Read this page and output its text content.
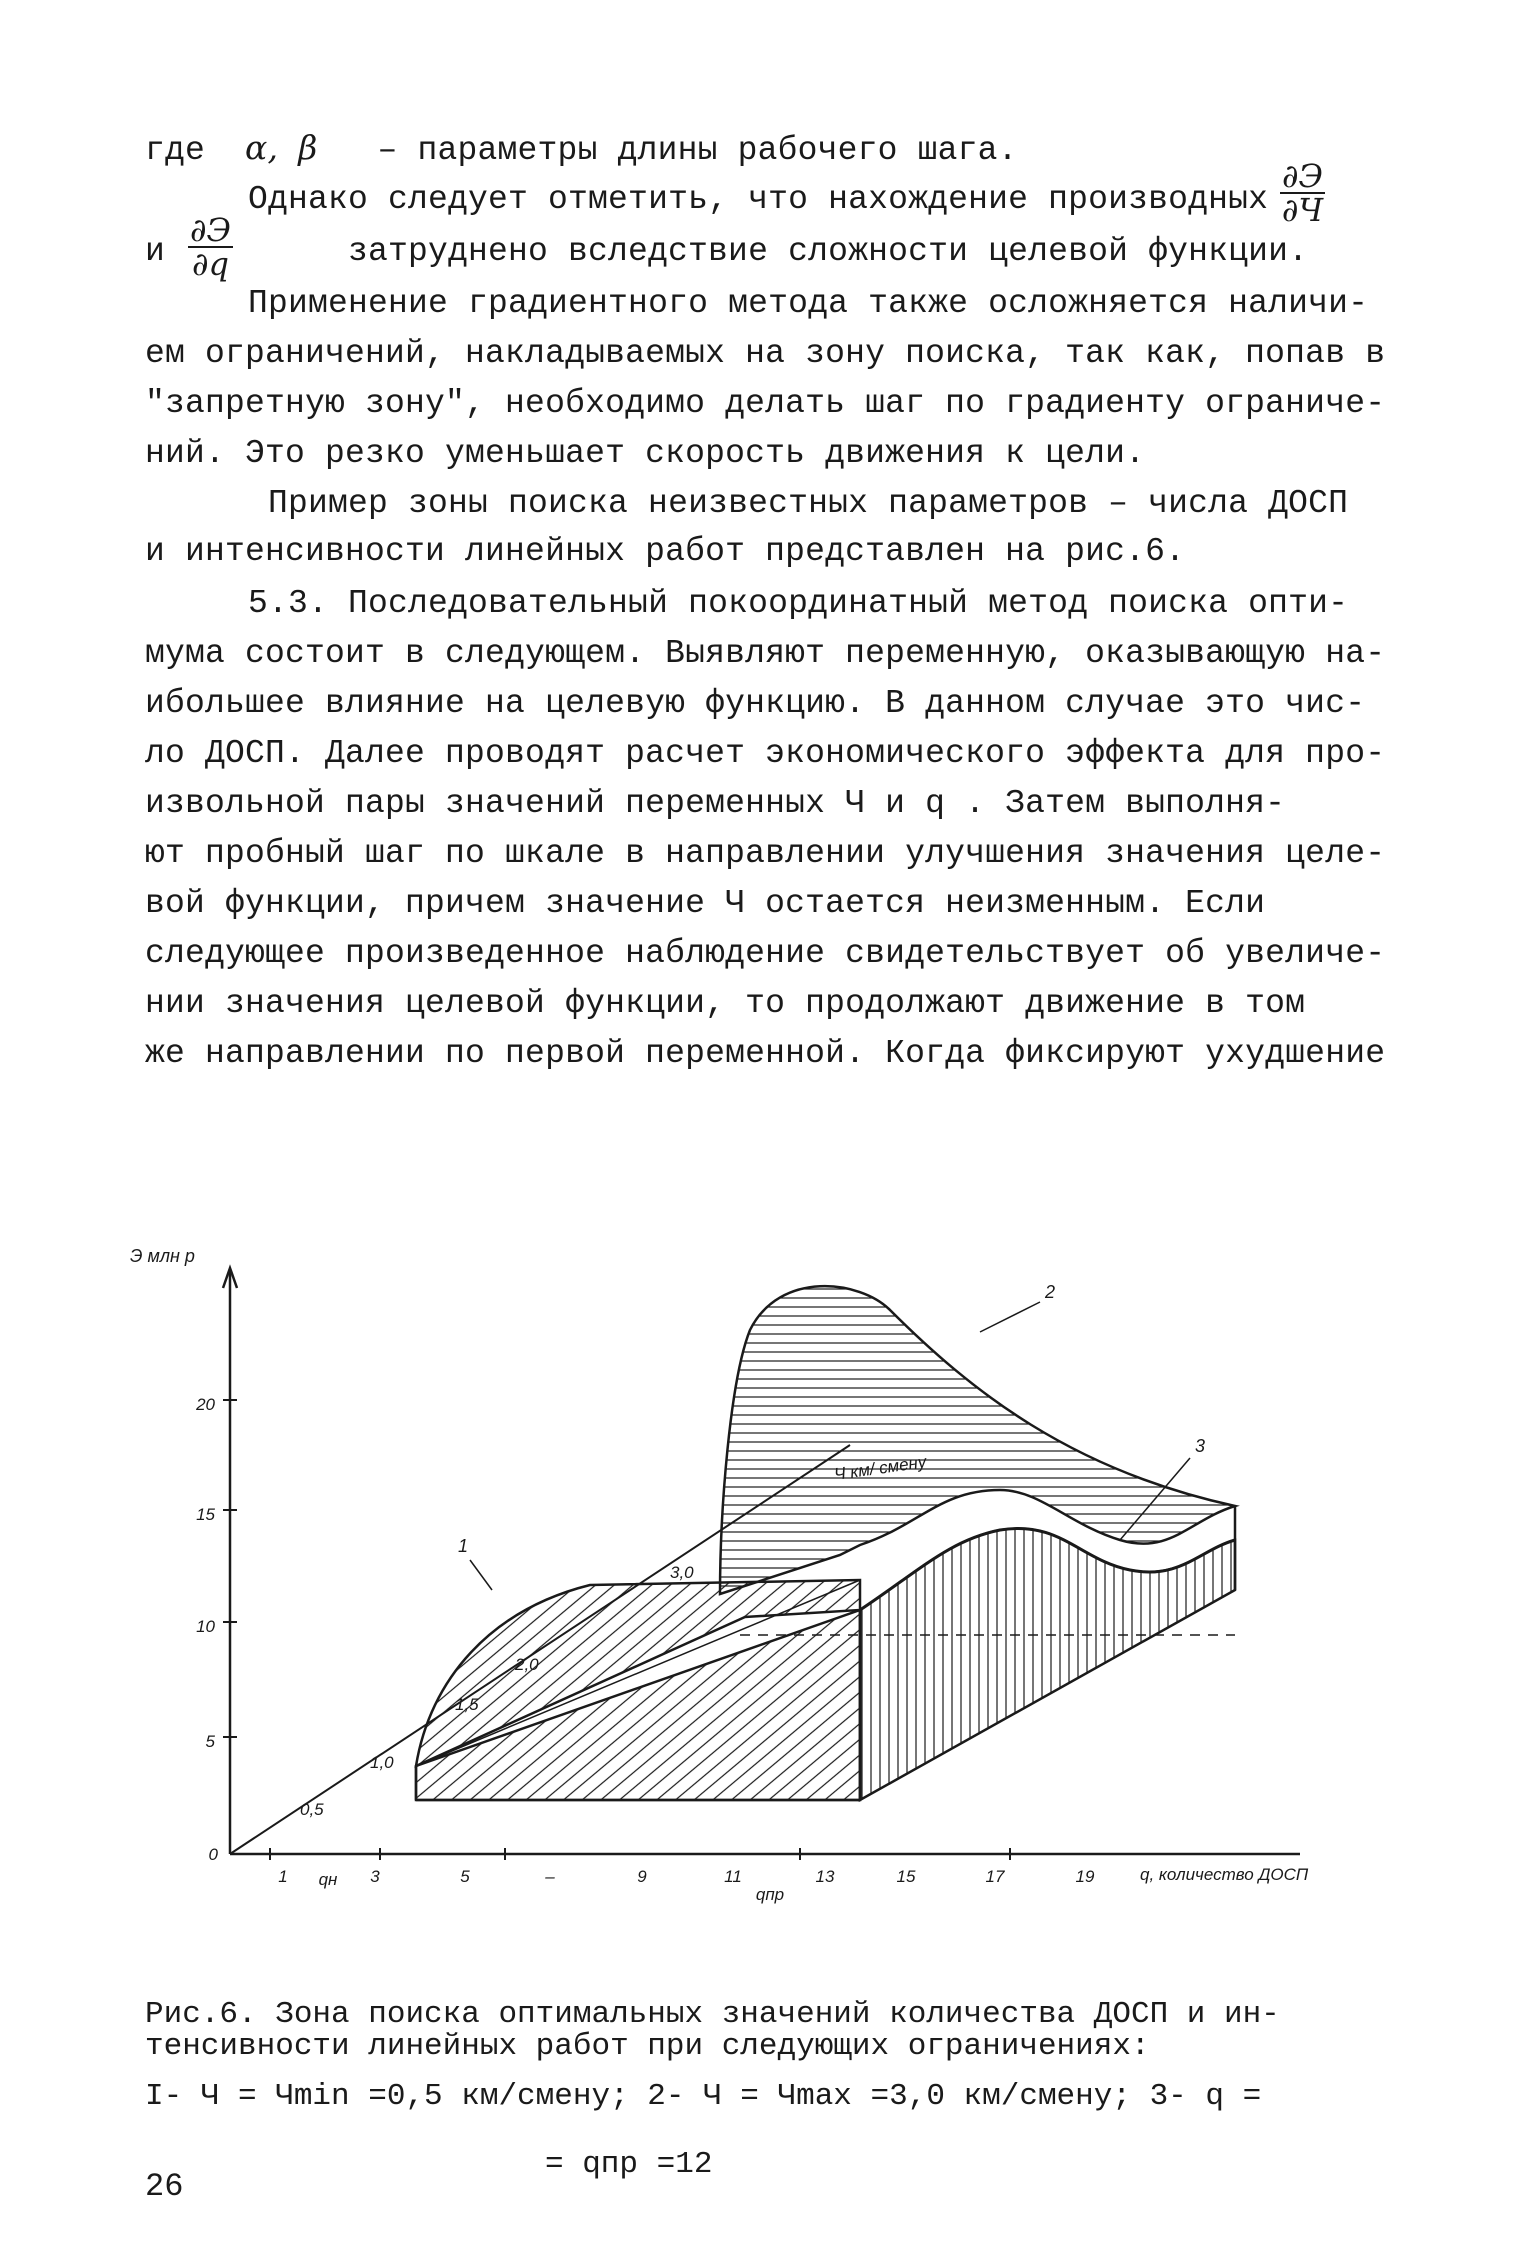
где α, β – параметры длины рабочего шага.
Однако следует отметить, что нахождение производных
∂Э
∂Ч
и
∂Э
∂q	затруднено вследствие сложности целевой функции.
Применение градиентного метода также осложняется наличи-
ем ограничений, накладываемых на зону поиска, так как, попав в
"запретную зону", необходимо делать шаг по градиенту ограниче-
ний. Это резко уменьшает скорость движения к цели.
Пример зоны поиска неизвестных параметров – числа ДОСП
и интенсивности линейных работ представлен на рис.6.
5.3. Последовательный покоординатный метод поиска опти-
мума состоит в следующем. Выявляют переменную, оказывающую на-
ибольшее влияние на целевую функцию. В данном случае это чис-
ло ДОСП. Далее проводят расчет экономического эффекта для про-
извольной пары значений переменных Ч и q . Затем выполня-
ют пробный шаг по шкале в направлении улучшения значения целе-
вой функции, причем значение Ч остается неизменным. Если
следующее произведенное наблюдение свидетельствует об увеличе-
нии значения целевой функции, то продолжают движение в том
же направлении по первой переменной. Когда фиксируют ухудшение
5
10
15
20
0
Э млн р
1	3	5	–	9	11	13	15	17	19
qн
qпр
q, количество ДОСП
0,5
1,0
1,5
2,0
3,0
Ч км/ смену
1
2
3
Рис.6. Зона поиска оптимальных значений количества ДОСП и ин-
тенсивности линейных работ при следующих ограничениях:
I- Ч = Чmin =0,5 км/смену; 2- Ч = Чmax =3,0 км/смену; 3- q =
= qпр =12
26
